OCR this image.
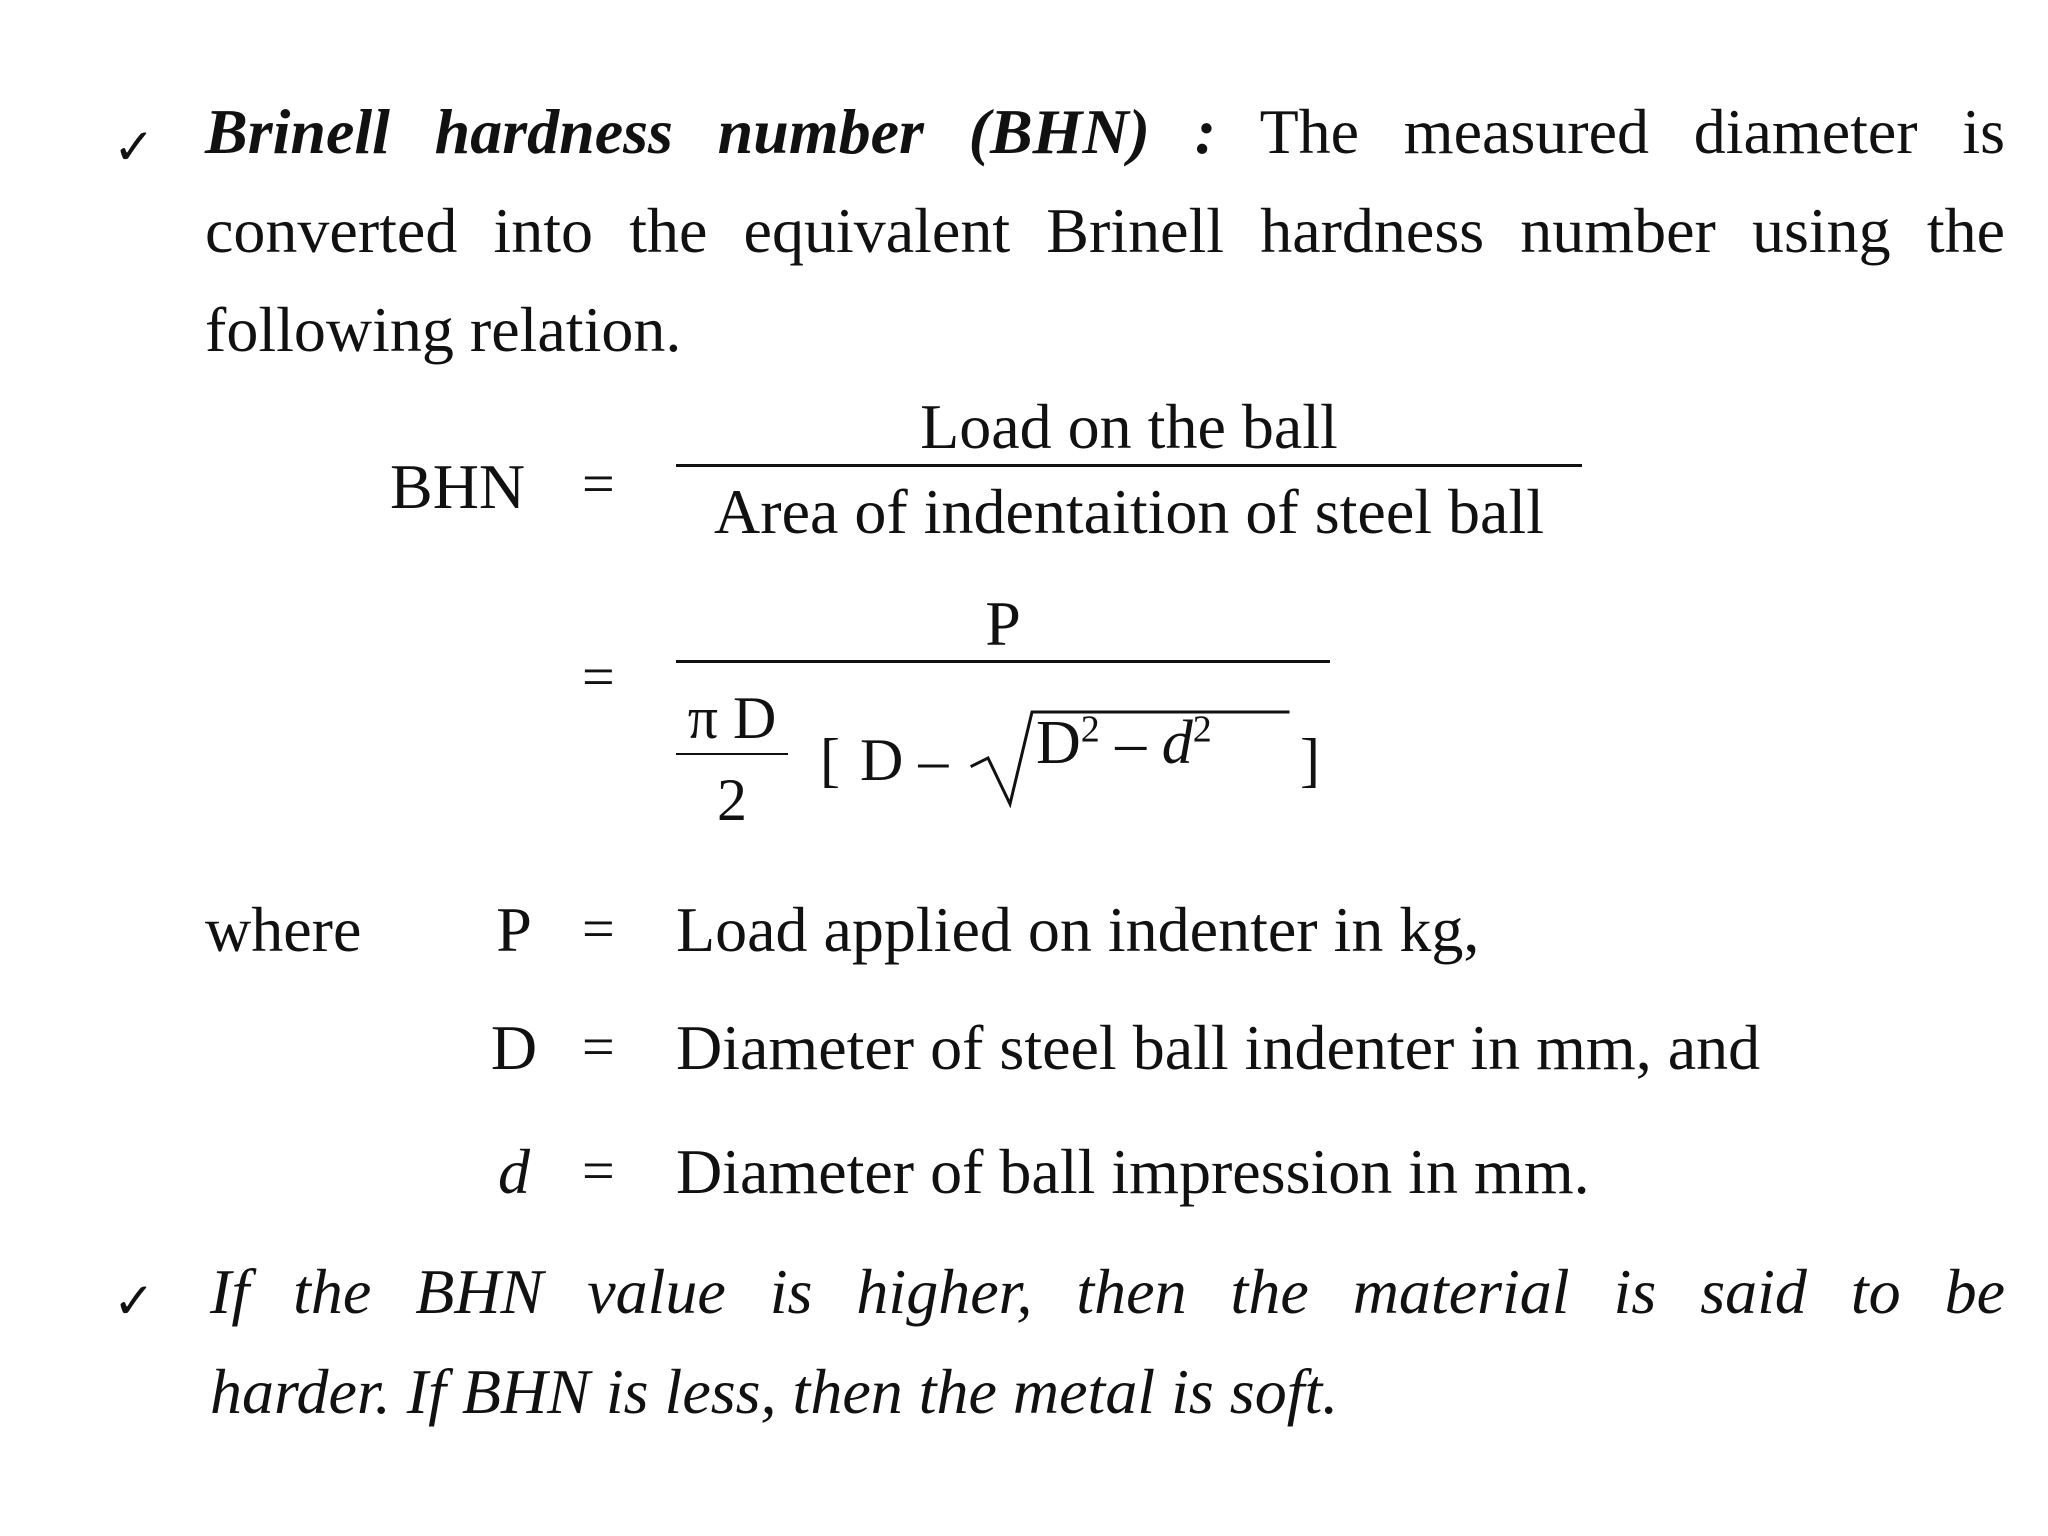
✓ Brinell hardness number (BHN) : The measured diameter is
converted into the equivalent Brinell hardness number using the
following relation.
BHN =
Load on the ball
Area of indentaition of steel ball
=
P
π D
2
[ D – $D^2 - d^2$ ]
where P = Load applied on indenter in kg,
D = Diameter of steel ball indenter in mm, and
d = Diameter of ball impression in mm.
✓ If the BHN value is higher, then the material is said to be
harder. If BHN is less, then the metal is soft.
